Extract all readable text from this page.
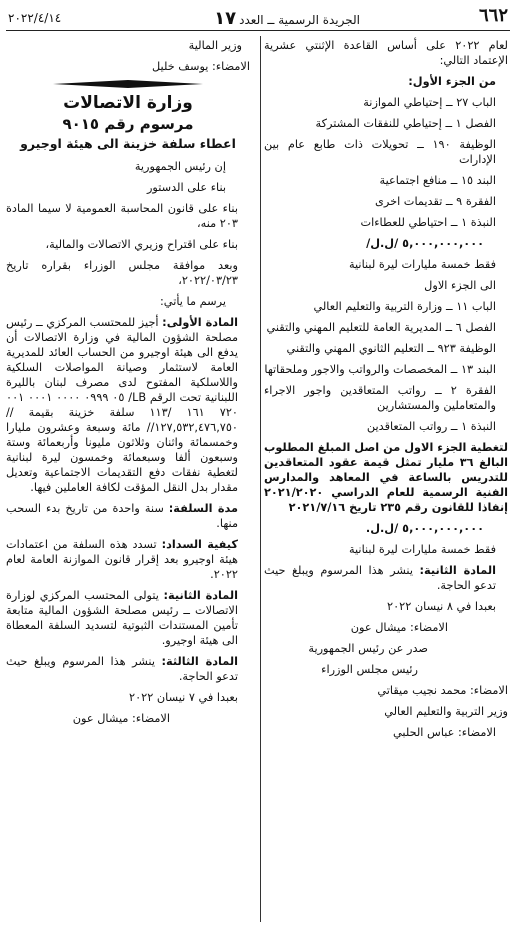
٦٦٢
الجريدة الرسمية ــ العدد١٧
٢٠٢٢/٤/١٤

لعام ٢٠٢٢ على أساس القاعدة الإثنتي عشرية الإعتماد التالي:

من الجزء الأول:

الباب ٢٧ ــ إحتياطي الموازنة

الفصل ١ ــ إحتياطي للنفقات المشتركة

الوظيفة ١٩٠ ــ تحويلات ذات طابع عام بين الإدارات

البند ١٥ ــ منافع اجتماعية

الفقرة ٩ ــ تقديمات اخرى

النبذة ١ ــ احتياطي للعطاءات

٥,٠٠٠,٠٠٠,٠٠٠ /ل.ل/

فقط خمسة مليارات ليرة لبنانية

الى الجزء الاول

الباب ١١ ــ وزارة التربية والتعليم العالي

الفصل ٦ ــ المديرية العامة للتعليم المهني والتقني

الوظيفة ٩٢٣ ــ التعليم الثانوي المهني والتقني

البند ١٣ ــ المخصصات والرواتب والاجور وملحقاتها

الفقرة ٢ ــ رواتب المتعاقدين واجور الاجراء والمتعاملين والمستشارين

النبذة ١ ــ رواتب المتعاقدين

لتغطية الجزء الاول من اصل المبلغ المطلوب البالغ ٣٦ مليار تمثل قيمة عقود المتعاقدين للتدريس بالساعة في المعاهد والمدارس الفنية الرسمية للعام الدراسي ٢٠٢١/٢٠٢٠ إنفاذا للقانون رقم ٢٣٥ تاريخ ٢٠٢١/٧/١٦

٥,٠٠٠,٠٠٠,٠٠٠ /ل.ل.

فقط خمسة مليارات ليرة لبنانية

المادة الثانية: ينشر هذا المرسوم ويبلغ حيث تدعو الحاجة.

بعبدا في ٨ نيسان ٢٠٢٢

الامضاء: ميشال عون

صدر عن رئيس الجمهورية

رئيس مجلس الوزراء

الامضاء: محمد نجيب ميقاتي

وزير التربية والتعليم العالي

الامضاء: عباس الحلبي

وزير المالية

الامضاء: يوسف خليل

وزارة الاتصالات
مرسوم رقم ٩٠١٥
اعطاء سلفة خزينة الى هيئة اوجيرو

إن رئيس الجمهورية

بناء على الدستور

بناء على قانون المحاسبة العمومية لا سيما المادة ٢٠٣ منه،

بناء على اقتراح وزيري الاتصالات والمالية،

وبعد موافقة مجلس الوزراء بقراره تاريخ ٢٠٢٢/٠٣/٢٣،

يرسم ما يأتي:

المادة الأولى: أجيز للمحتسب المركزي ــ رئيس مصلحة الشؤون المالية في وزارة الاتصالات أن يدفع الى هيئة اوجيرو من الحساب العائد للمديرية العامة لاستثمار وصيانة المواصلات السلكية واللاسلكية المفتوح لدى مصرف لبنان بالليرة اللبنانية تحت الرقم LB/ ٠٥ ٠٩٩٩ ٠٠٠٠ ٠٠٠١ ٠٠١ ٧٢٠ ١٦١ /١١٣ سلفة خزينة بقيمة //١٢٧,٥٣٢,٤٧٦,٧٥٠// مائة وسبعة وعشرون مليارا وخمسمائة واثنان وثلاثون مليونا وأربعمائة وستة وسبعون ألفا وسبعمائة وخمسون ليرة لبنانية لتغطية نفقات دفع التقديمات الاجتماعية وتعديل مقدار بدل النقل المؤقت لكافة العاملين فيها.

مدة السلفة: سنة واحدة من تاريخ بدء السحب منها.

كيفية السداد: تسدد هذه السلفة من اعتمادات هيئة اوجيرو بعد إقرار قانون الموازنة العامة لعام ٢٠٢٢.

المادة الثانية: يتولى المحتسب المركزي لوزارة الاتصالات ــ رئيس مصلحة الشؤون المالية متابعة تأمين المستندات الثبوتية لتسديد السلفة المعطاة الى هيئة اوجيرو.

المادة الثالثة: ينشر هذا المرسوم ويبلغ حيث تدعو الحاجة.

بعبدا في ٧ نيسان ٢٠٢٢

الامضاء: ميشال عون
